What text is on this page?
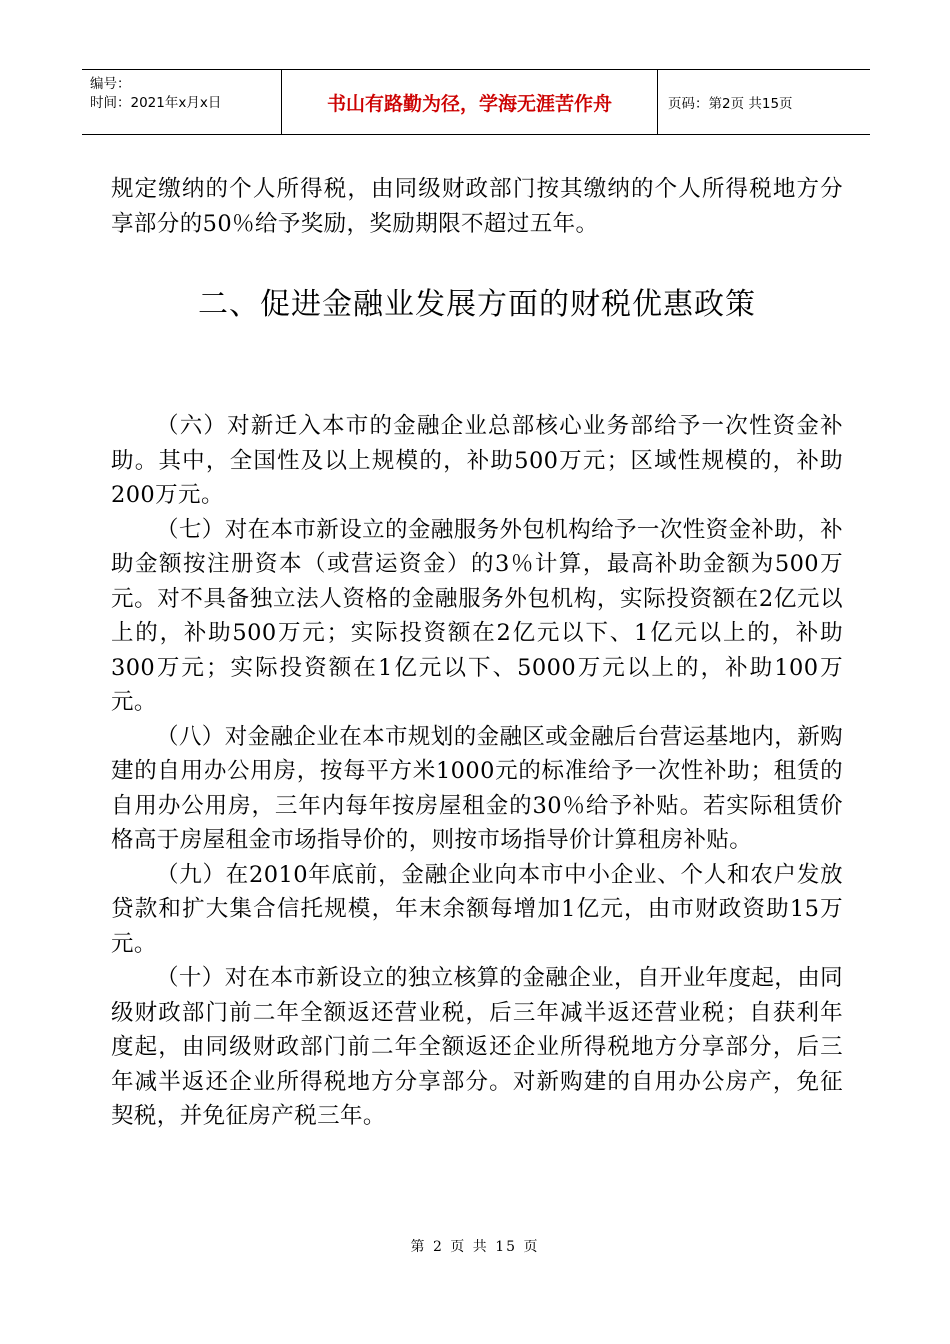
编号：
时间：2021年x月x日	书山有路勤为径，学海无涯苦作舟	页码：第2页 共15页

规定缴纳的个人所得税，由同级财政部门按其缴纳的个人所得税地方分享部分的50％给予奖励，奖励期限不超过五年。

二、促进金融业发展方面的财税优惠政策

（六）对新迁入本市的金融企业总部核心业务部给予一次性资金补助。其中，全国性及以上规模的，补助500万元；区域性规模的，补助200万元。

（七）对在本市新设立的金融服务外包机构给予一次性资金补助，补助金额按注册资本（或营运资金）的3％计算，最高补助金额为500万元。对不具备独立法人资格的金融服务外包机构，实际投资额在2亿元以上的，补助500万元；实际投资额在2亿元以下、1亿元以上的，补助300万元；实际投资额在1亿元以下、5000万元以上的，补助100万元。

（八）对金融企业在本市规划的金融区或金融后台营运基地内，新购建的自用办公用房，按每平方米1000元的标准给予一次性补助；租赁的自用办公用房，三年内每年按房屋租金的30％给予补贴。若实际租赁价格高于房屋租金市场指导价的，则按市场指导价计算租房补贴。

（九）在2010年底前，金融企业向本市中小企业、个人和农户发放贷款和扩大集合信托规模，年末余额每增加1亿元，由市财政资助15万元。

（十）对在本市新设立的独立核算的金融企业，自开业年度起，由同级财政部门前二年全额返还营业税，后三年减半返还营业税；自获利年度起，由同级财政部门前二年全额返还企业所得税地方分享部分，后三年减半返还企业所得税地方分享部分。对新购建的自用办公房产，免征契税，并免征房产税三年。

第 2 页 共 15 页
